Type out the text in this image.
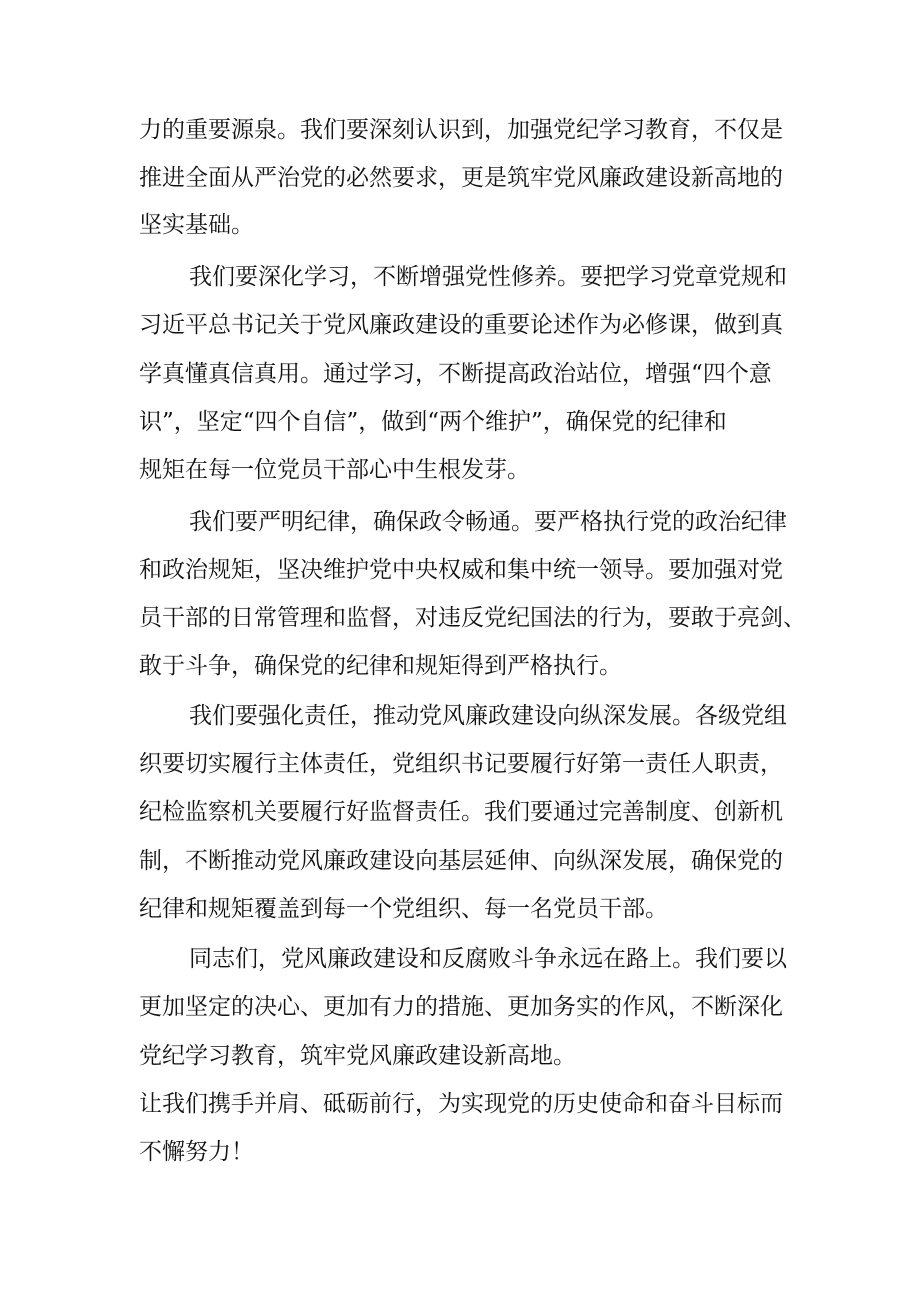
力的重要源泉。我们要深刻认识到，加强党纪学习教育，不仅是

推进全面从严治党的必然要求，更是筑牢党风廉政建设新高地的

坚实基础。

我们要深化学习，不断增强党性修养。要把学习党章党规和

习近平总书记关于党风廉政建设的重要论述作为必修课，做到真

学真懂真信真用。通过学习，不断提高政治站位，增强“四个意

识”，坚定“四个自信”，做到“两个维护”，确保党的纪律和

规矩在每一位党员干部心中生根发芽。

我们要严明纪律，确保政令畅通。要严格执行党的政治纪律

和政治规矩，坚决维护党中央权威和集中统一领导。要加强对党

员干部的日常管理和监督，对违反党纪国法的行为，要敢于亮剑、

敢于斗争，确保党的纪律和规矩得到严格执行。

我们要强化责任，推动党风廉政建设向纵深发展。各级党组

织要切实履行主体责任，党组织书记要履行好第一责任人职责，

纪检监察机关要履行好监督责任。我们要通过完善制度、创新机

制，不断推动党风廉政建设向基层延伸、向纵深发展，确保党的

纪律和规矩覆盖到每一个党组织、每一名党员干部。

同志们，党风廉政建设和反腐败斗争永远在路上。我们要以

更加坚定的决心、更加有力的措施、更加务实的作风，不断深化

党纪学习教育，筑牢党风廉政建设新高地。

让我们携手并肩、砥砺前行，为实现党的历史使命和奋斗目标而

不懈努力！
